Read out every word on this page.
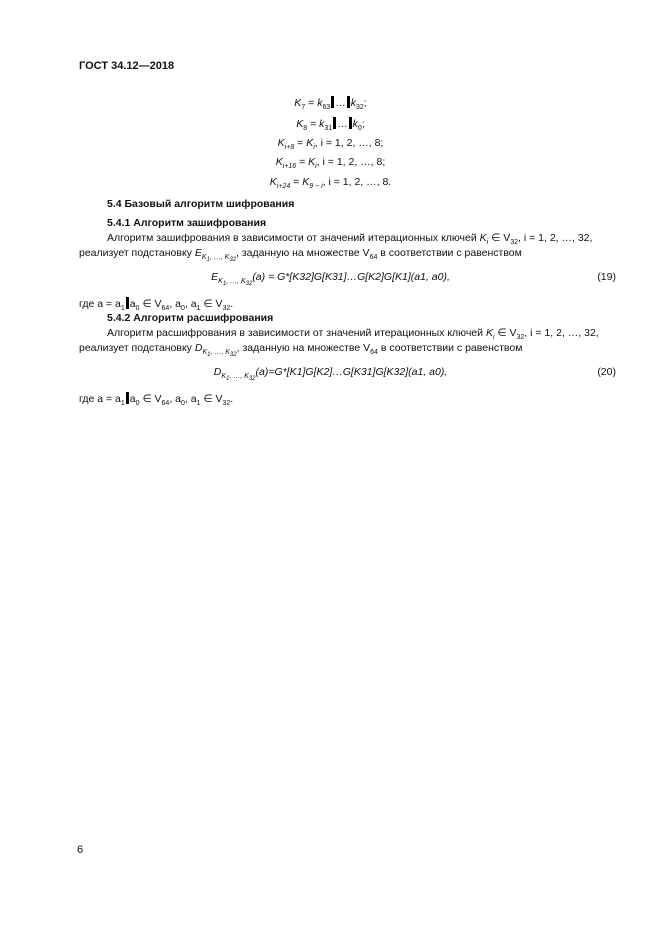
ГОСТ 34.12—2018
$K_7 = k_{63}$ … $k_{32}$;
$K_8 = k_{31}$ … $k_0$;
$K_{i+8} = K_i$, i = 1, 2, …, 8;
$K_{i+16} = K_i$, i = 1, 2, …, 8;
$K_{i+24} = K_{9 - i}$, i = 1, 2, …, 8.
5.4 Базовый алгоритм шифрования
5.4.1 Алгоритм зашифрования
Алгоритм зашифрования в зависимости от значений итерационных ключей $K_i$ ∈ $V_{32}$, i = 1, 2, …, 32,
реализует подстановку $E_{K_1, \dots, K_{32}}$, заданную на множестве $V_{64}$ в соответствии с равенством
$E_{K_1, \dots, K_{32}}(a)$ = G*[K32]G[K31]…G[K2]G[K1](a1, a0),	(19)
где $a = a_1$ $a_0$ ∈ $V_{64}$, $a_0$, $a_1$ ∈ $V_{32}$.
5.4.2 Алгоритм расшифрования
Алгоритм расшифрования в зависимости от значений итерационных ключей $K_i$ ∈ $V_{32}$, i = 1, 2, …, 32,
реализует подстановку $D_{K_1, \dots, K_{32}}$, заданную на множестве $V_{64}$ в соответствии с равенством
$D_{K_1, \dots, K_{32}}(a)=G*[K1]G[K2]\dots G[K31]G[K32](a1$, a0),	(20)
где $a = a_1$ $a_0$ ∈ $V_{64}$, $a_0$, $a_1$ ∈ $V_{32}$.
6
